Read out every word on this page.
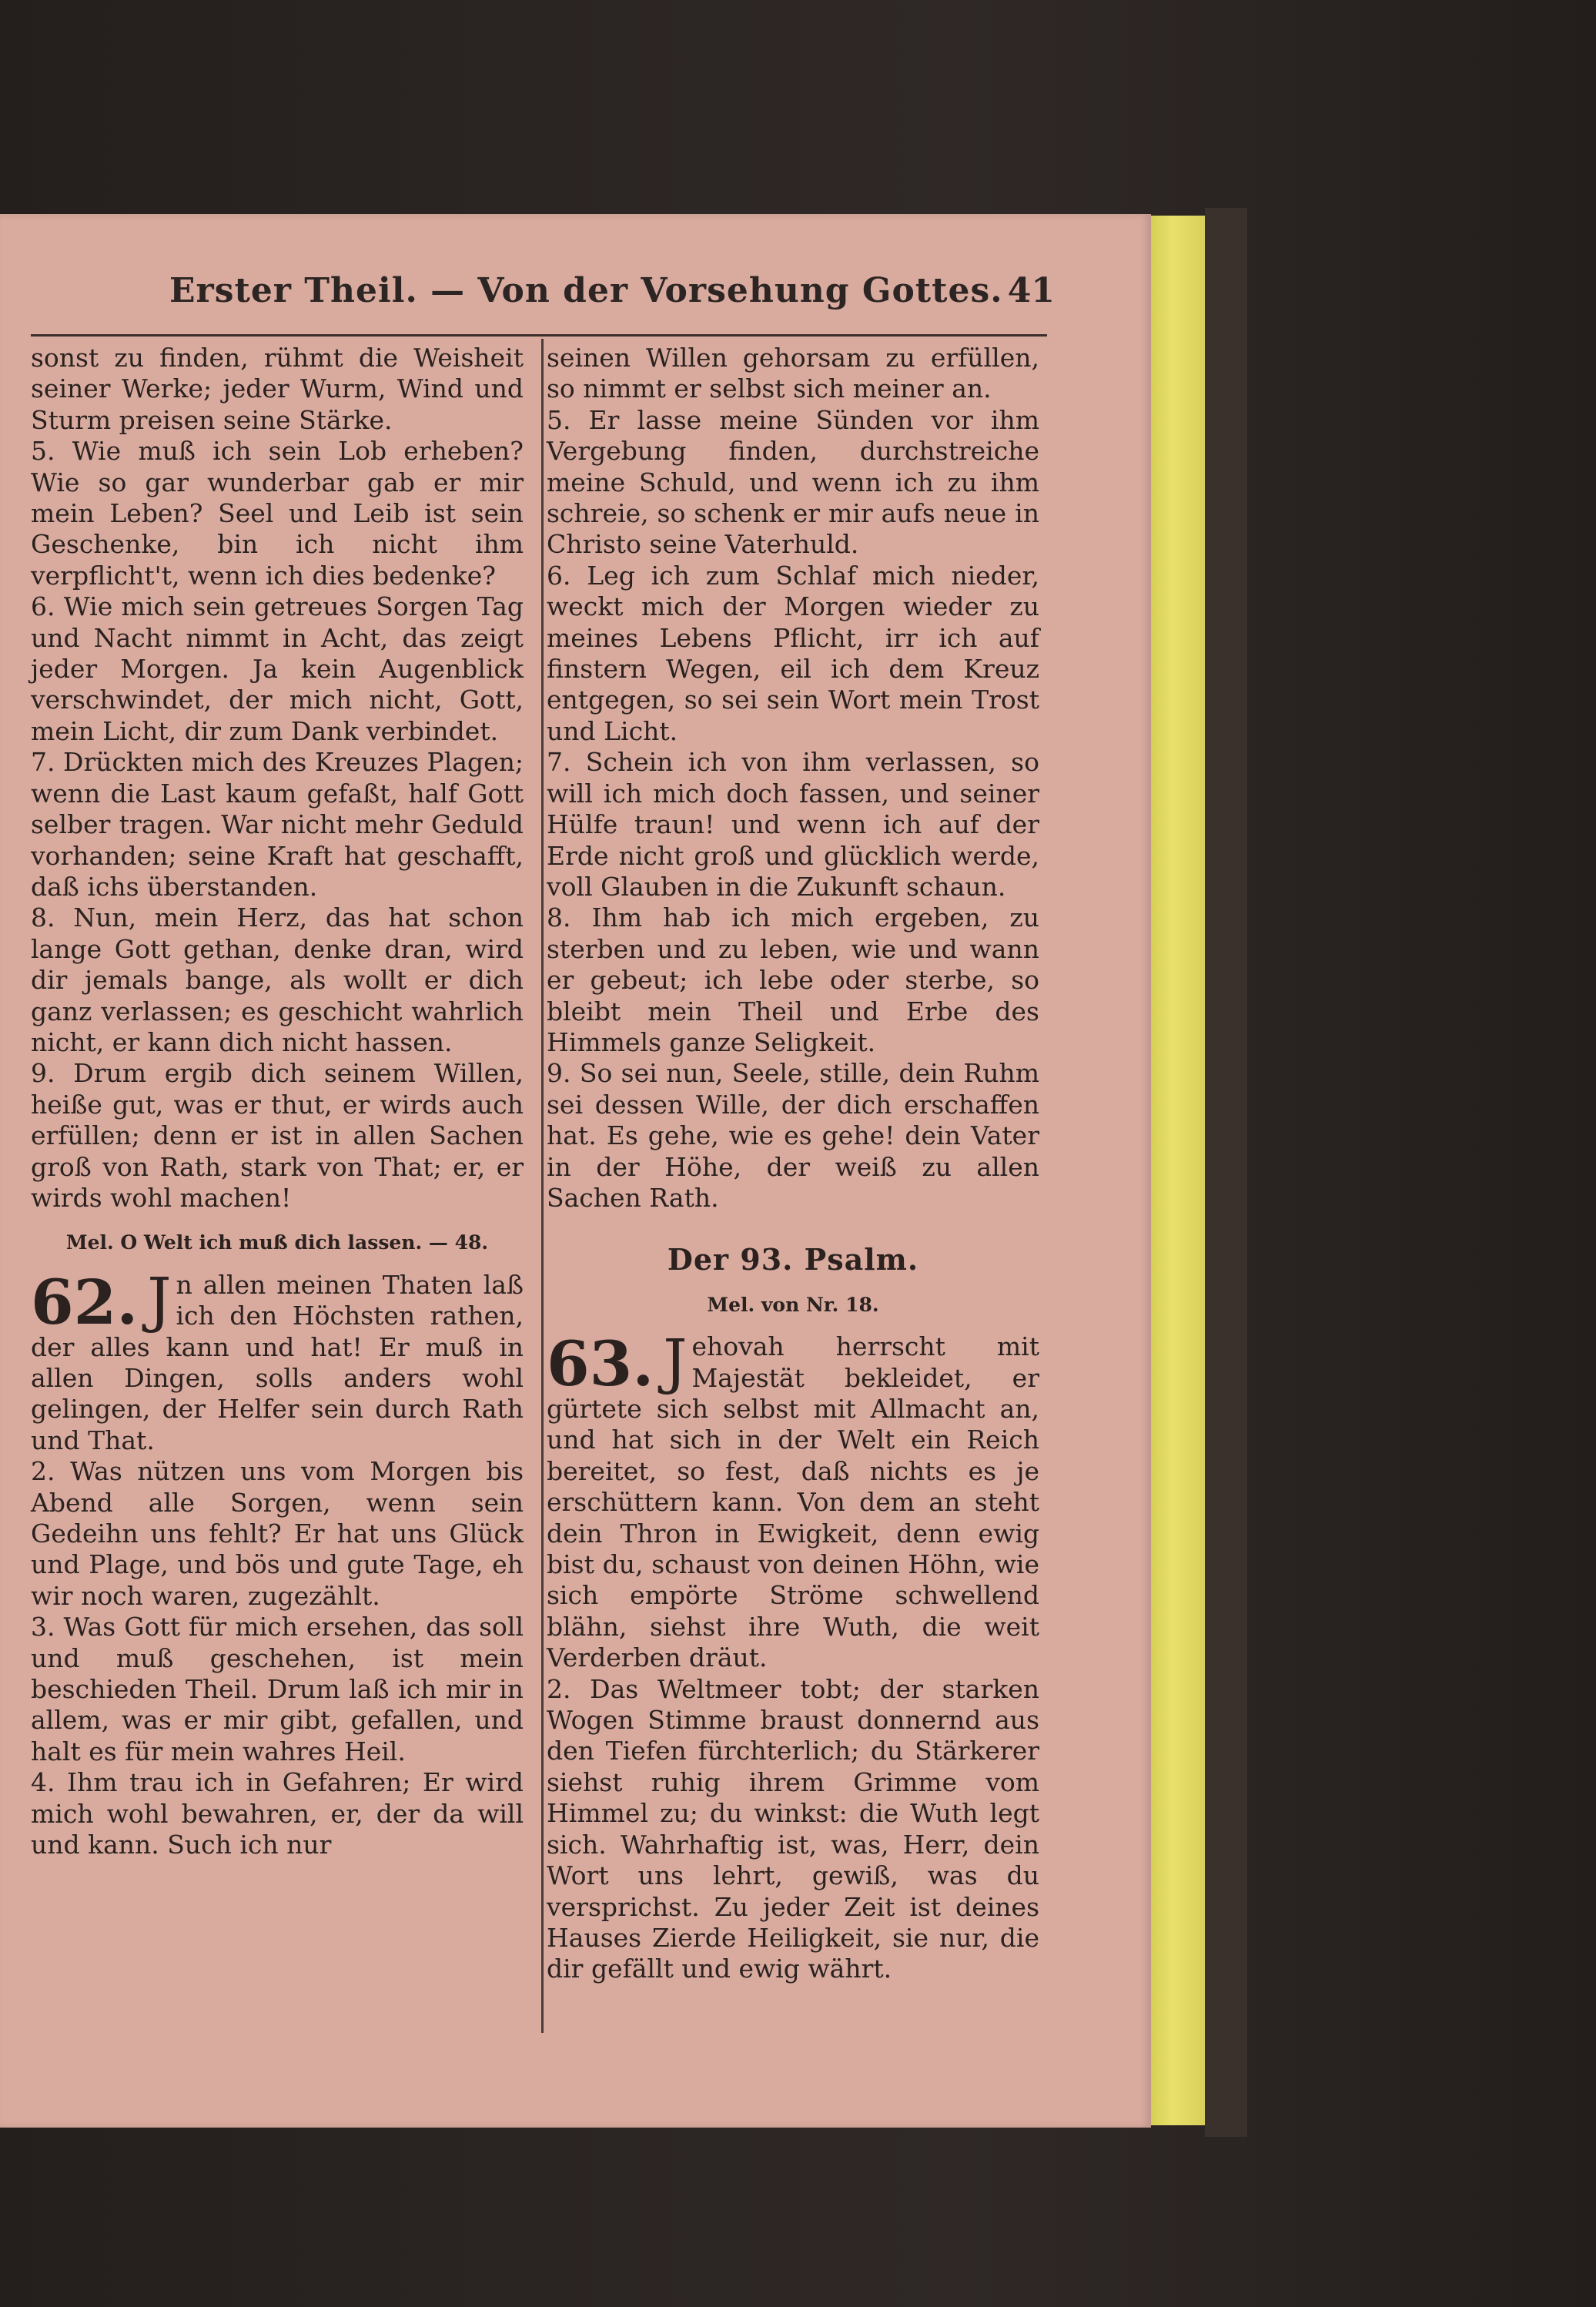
Erster Theil. — Von der Vorsehung Gottes. 41

sonst zu finden, rühmt die Weisheit seiner Werke; jeder Wurm, Wind und Sturm preisen seine Stärke.

5. Wie muß ich sein Lob erheben? Wie so gar wunderbar gab er mir mein Leben? Seel und Leib ist sein Geschenke, bin ich nicht ihm verpflicht't, wenn ich dies bedenke?

6. Wie mich sein getreues Sorgen Tag und Nacht nimmt in Acht, das zeigt jeder Morgen. Ja kein Augenblick verschwindet, der mich nicht, Gott, mein Licht, dir zum Dank verbindet.

7. Drückten mich des Kreuzes Plagen; wenn die Last kaum gefaßt, half Gott selber tragen. War nicht mehr Geduld vorhanden; seine Kraft hat geschafft, daß ichs überstanden.

8. Nun, mein Herz, das hat schon lange Gott gethan, denke dran, wird dir jemals bange, als wollt er dich ganz verlassen; es geschicht wahrlich nicht, er kann dich nicht hassen.

9. Drum ergib dich seinem Willen, heiße gut, was er thut, er wirds auch erfüllen; denn er ist in allen Sachen groß von Rath, stark von That; er, er wirds wohl machen!

Mel. O Welt ich muß dich lassen. — 48.

62. J n allen meinen Thaten laß ich den Höchsten rathen, der alles kann und hat! Er muß in allen Dingen, solls anders wohl gelingen, der Helfer sein durch Rath und That.

2. Was nützen uns vom Morgen bis Abend alle Sorgen, wenn sein Gedeihn uns fehlt? Er hat uns Glück und Plage, und bös und gute Tage, eh wir noch waren, zugezählt.

3. Was Gott für mich ersehen, das soll und muß geschehen, ist mein beschieden Theil. Drum laß ich mir in allem, was er mir gibt, gefallen, und halt es für mein wahres Heil.

4. Ihm trau ich in Gefahren; Er wird mich wohl bewahren, er, der da will und kann. Such ich nur

seinen Willen gehorsam zu erfüllen, so nimmt er selbst sich meiner an.

5. Er lasse meine Sünden vor ihm Vergebung finden, durchstreiche meine Schuld, und wenn ich zu ihm schreie, so schenk er mir aufs neue in Christo seine Vaterhuld.

6. Leg ich zum Schlaf mich nieder, weckt mich der Morgen wieder zu meines Lebens Pflicht, irr ich auf finstern Wegen, eil ich dem Kreuz entgegen, so sei sein Wort mein Trost und Licht.

7. Schein ich von ihm verlassen, so will ich mich doch fassen, und seiner Hülfe traun! und wenn ich auf der Erde nicht groß und glücklich werde, voll Glauben in die Zukunft schaun.

8. Ihm hab ich mich ergeben, zu sterben und zu leben, wie und wann er gebeut; ich lebe oder sterbe, so bleibt mein Theil und Erbe des Himmels ganze Seligkeit.

9. So sei nun, Seele, stille, dein Ruhm sei dessen Wille, der dich erschaffen hat. Es gehe, wie es gehe! dein Vater in der Höhe, der weiß zu allen Sachen Rath.

Der 93. Psalm.

Mel. von Nr. 18.

63. J ehovah herrscht mit Majestät bekleidet, er gürtete sich selbst mit Allmacht an, und hat sich in der Welt ein Reich bereitet, so fest, daß nichts es je erschüttern kann. Von dem an steht dein Thron in Ewigkeit, denn ewig bist du, schaust von deinen Höhn, wie sich empörte Ströme schwellend blähn, siehst ihre Wuth, die weit Verderben dräut.

2. Das Weltmeer tobt; der starken Wogen Stimme braust donnernd aus den Tiefen fürchterlich; du Stärkerer siehst ruhig ihrem Grimme vom Himmel zu; du winkst: die Wuth legt sich. Wahrhaftig ist, was, Herr, dein Wort uns lehrt, gewiß, was du versprichst. Zu jeder Zeit ist deines Hauses Zierde Heiligkeit, sie nur, die dir gefällt und ewig währt.
